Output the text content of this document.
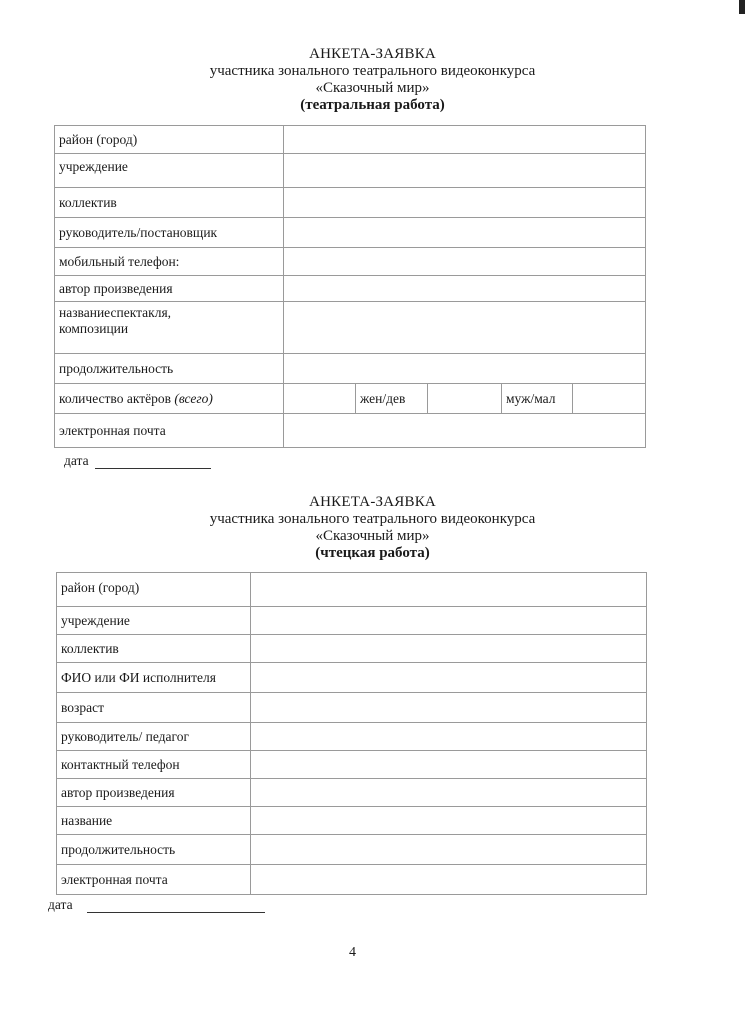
АНКЕТА-ЗАЯВКА
участника зонального театрального видеоконкурса
«Сказочный мир»
(театральная работа)
район (город)					
учреждение					
коллектив					
руководитель/постановщик					
мобильный телефон:					
автор произведения					

названиеспектакля,
композиции					

продолжительность					
количество актёров (всего)		жен/дев		муж/мал	
электронная почта					
дата
АНКЕТА-ЗАЯВКА
участника зонального театрального видеоконкурса
«Сказочный мир»
(чтецкая работа)
район (город)	
учреждение	
коллектив	
ФИО или ФИ исполнителя	
возраст	
руководитель/ педагог	
контактный телефон	
автор произведения	
название	
продолжительность	
электронная почта	
дата
4
